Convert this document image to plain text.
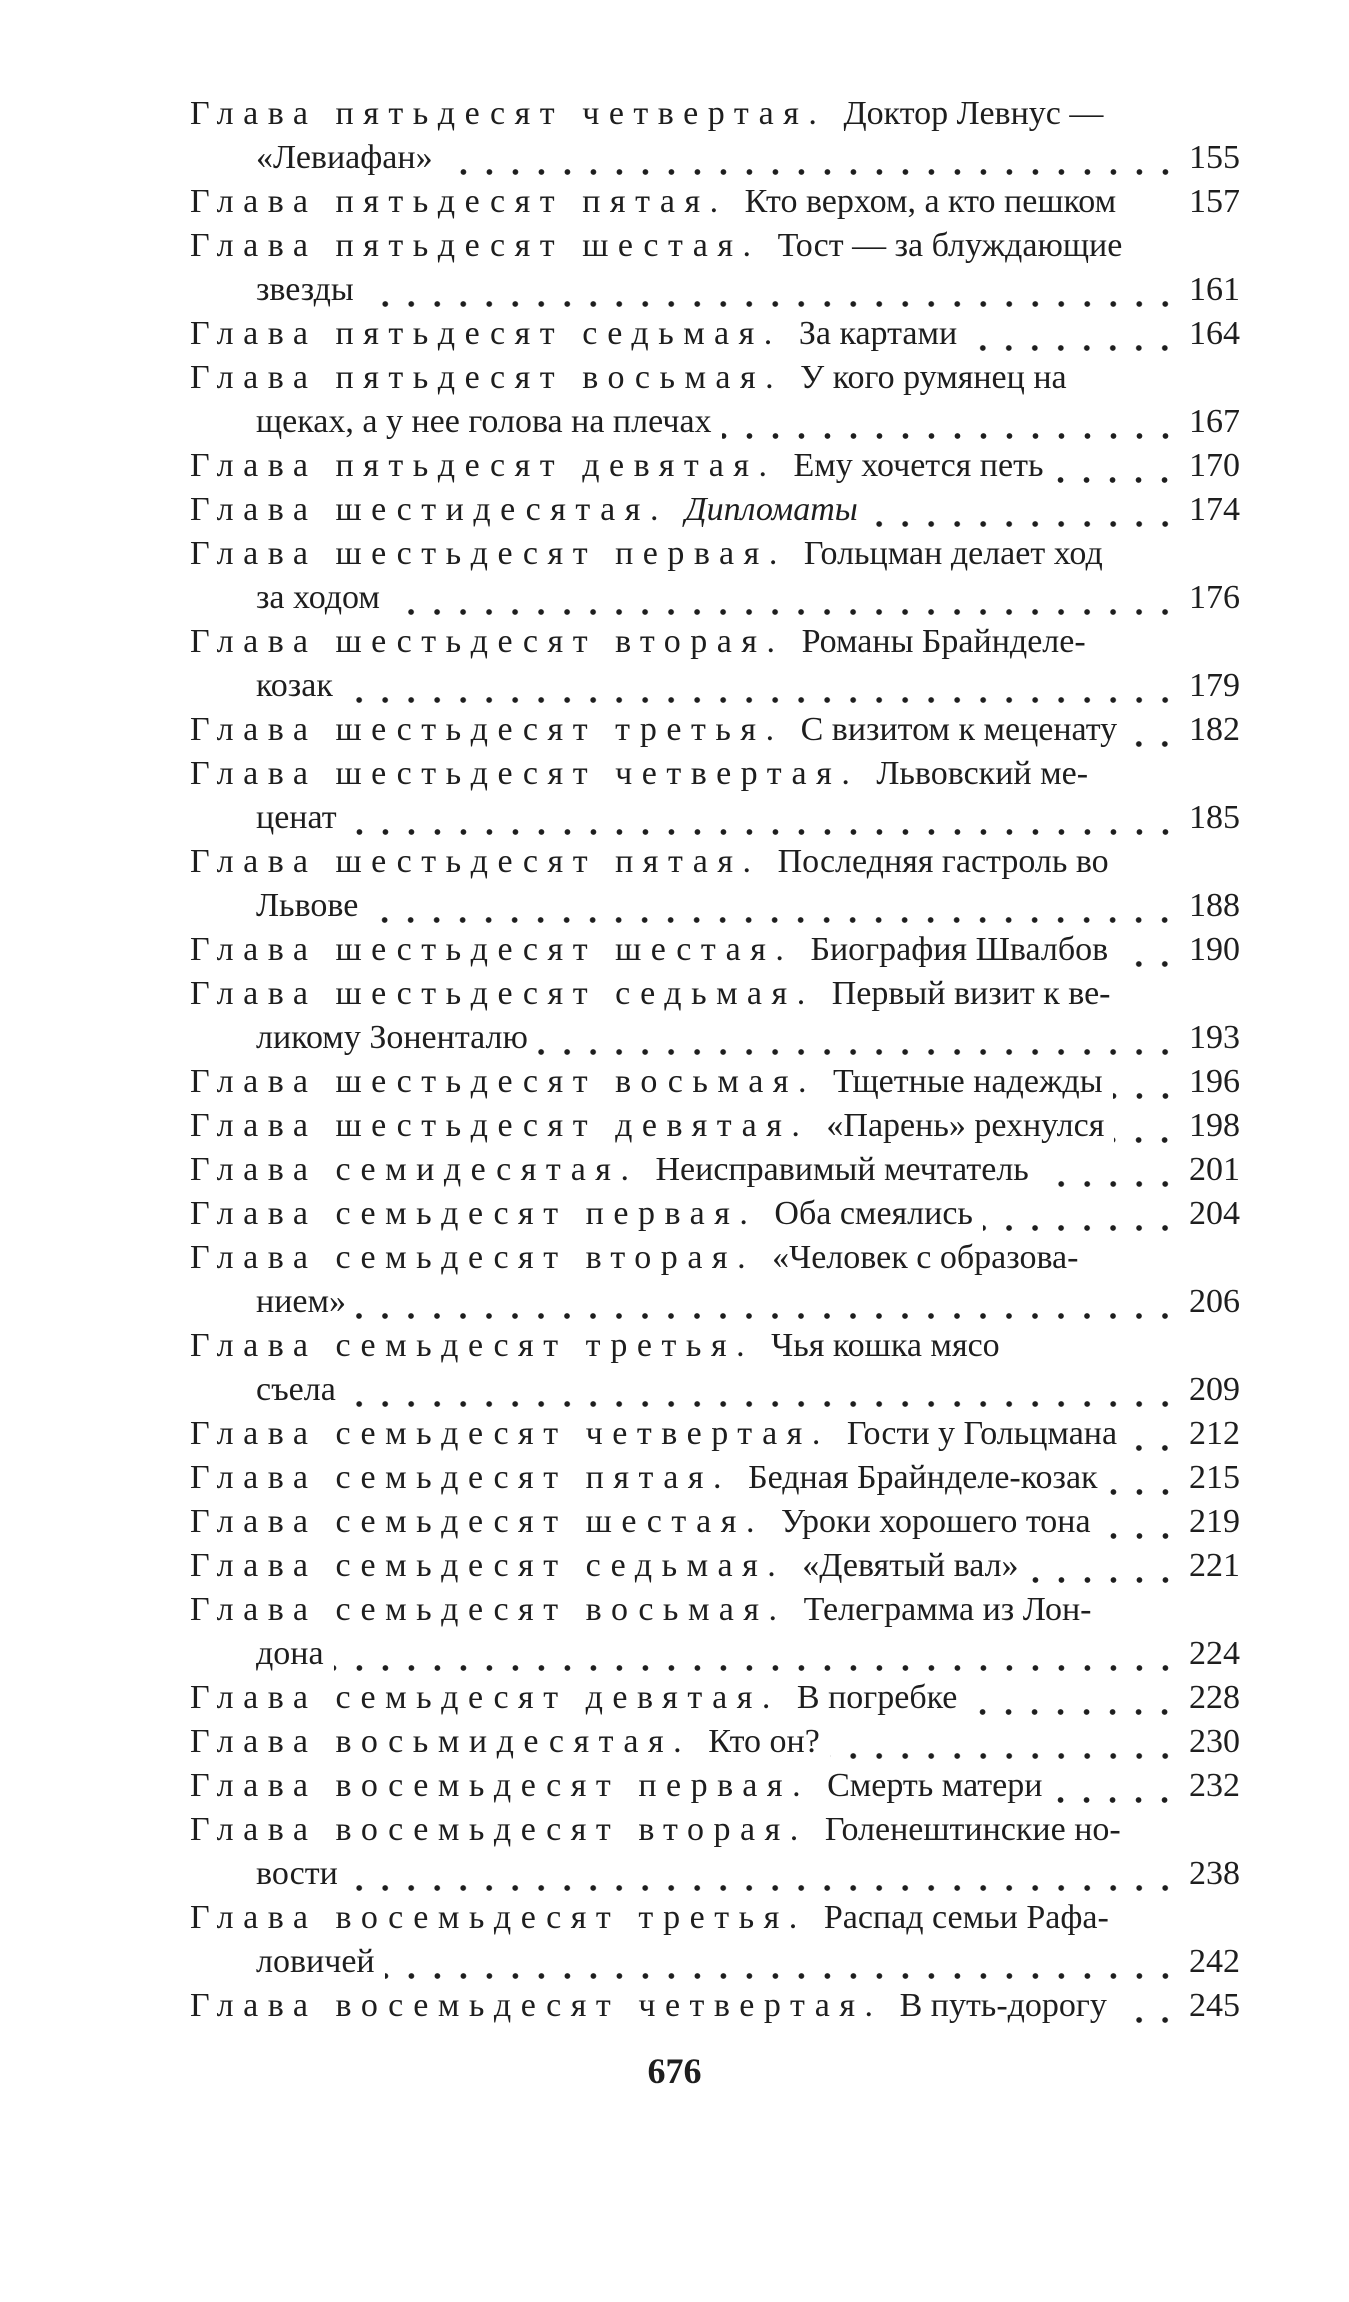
Глава пятьдесят четвертая. Доктор Левнус —
«Левиафан»	155
Глава пятьдесят пятая. Кто верхом, а кто пешком 157
Глава пятьдесят шестая. Тост — за блуждающие
звезды	161
Глава пятьдесят седьмая. За картами	164
Глава пятьдесят восьмая. У кого румянец на
щеках, а у нее голова на плечах	167
Глава пятьдесят девятая. Ему хочется петь	170
Глава шестидесятая. Дипломаты	174
Глава шестьдесят первая. Гольцман делает ход
за ходом	176
Глава шестьдесят вторая. Романы Брайнделе-
козак	179
Глава шестьдесят третья. С визитом к меценату 182
Глава шестьдесят четвертая. Львовский ме-
ценат	185
Глава шестьдесят пятая. Последняя гастроль во
Львове	188
Глава шестьдесят шестая. Биография Швалбов 190
Глава шестьдесят седьмая. Первый визит к ве-
ликому Зоненталю	193
Глава шестьдесят восьмая. Тщетные надежды	196
Глава шестьдесят девятая. «Парень» рехнулся 198
Глава семидесятая. Неисправимый мечтатель	201
Глава семьдесят первая. Оба смеялись	204
Глава семьдесят вторая. «Человек с образова-
нием»	206
Глава семьдесят третья. Чья кошка мясо
съела	209
Глава семьдесят четвертая. Гости у Гольцмана 212
Глава семьдесят пятая. Бедная Брайнделе-козак	215
Глава семьдесят шестая. Уроки хорошего тона	219
Глава семьдесят седьмая. «Девятый вал»	221
Глава семьдесят восьмая. Телеграмма из Лон-
дона	224
Глава семьдесят девятая. В погребке	228
Глава восьмидесятая. Кто он?	230
Глава восемьдесят первая. Смерть матери	232
Глава восемьдесят вторая. Голенештинские но-
вости	238
Глава восемьдесят третья. Распад семьи Рафа-
ловичей	242
Глава восемьдесят четвертая. В путь-дорогу 245
676
